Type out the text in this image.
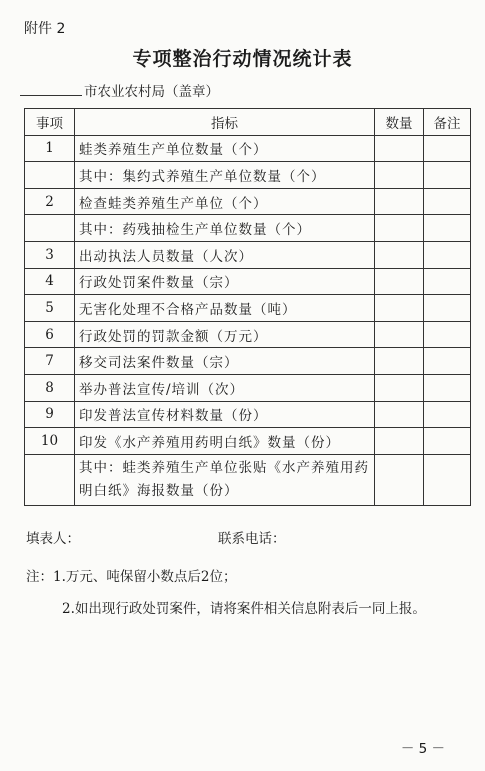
附件 2
专项整治行动情况统计表
市农业农村局（盖章）
事项	指标	数量	备注
1	蛙类养殖生产单位数量（个）		
	其中：集约式养殖生产单位数量（个）		
2	检查蛙类养殖生产单位（个）		
	其中：药残抽检生产单位数量（个）		
3	出动执法人员数量（人次）		
4	行政处罚案件数量（宗）		
5	无害化处理不合格产品数量（吨）		
6	行政处罚的罚款金额（万元）		
7	移交司法案件数量（宗）		
8	举办普法宣传/培训（次）		
9	印发普法宣传材料数量（份）		
10	印发《水产养殖用药明白纸》数量（份）		
	其中：蛙类养殖生产单位张贴《水产养殖用药明白纸》海报数量（份）		
填表人：	联系电话：
注：1.万元、吨保留小数点后2位；
2.如出现行政处罚案件，请将案件相关信息附表后一同上报。
－ 5 －
